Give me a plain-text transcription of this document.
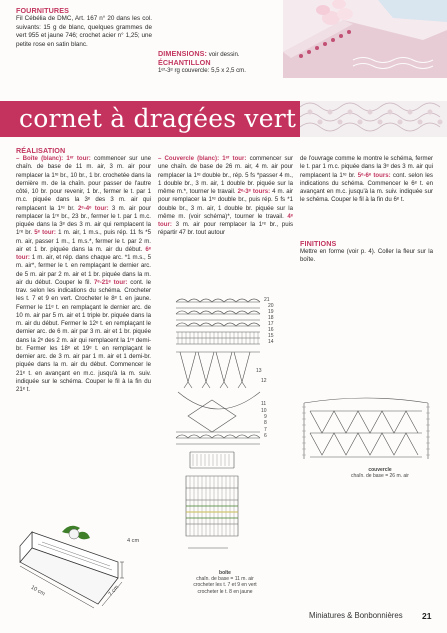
FOURNITURES
Fil Cébélia de DMC, Art. 167 n° 20 dans les col. suivants: 15 g de blanc, quelques grammes de vert 955 et jaune 746; crochet acier n° 1,25; une petite rose en satin blanc.
DIMENSIONS: voir dessin.
ÉCHANTILLON
1ᵉʳ-3ᵉ rg couvercle: 5,5 x 2,5 cm.
cornet à dragées vert
RÉALISATION
– Boîte (blanc): 1ᵉʳ tour: commencer sur une chaîn. de base de 11 m. air, 3 m. air pour remplacer la 1ʳᵉ br., 10 br., 1 br. crochetée dans la dernière m. de la chaîn. pour passer de l'autre côté, 10 br. pour revenir, 1 br., fermer le t. par 1 m.c. piquée dans la 3ᵉ des 3 m. air qui remplacent la 1ʳᵉ br. 2ᵉ-4ᵉ tour: 3 m. air pour remplacer la 1ʳᵉ br., 23 br., fermer le t. par 1 m.c. piquée dans la 3ᵉ des 3 m. air qui remplacent la 1ʳᵉ br. 5ᵉ tour: 1 m. air, 1 m.s., puis rép. 11 fs *5 m. air, passer 1 m., 1 m.s.*, fermer le t. par 2 m. air et 1 br. piquée dans la m. air du début. 6ᵉ tour: 1 m. air, et rép. dans chaque arc. *1 m.s., 5 m. air*, fermer le t. en remplaçant le dernier arc. de 5 m. air par 2 m. air et 1 br. piquée dans la m. air du début. Couper le fil. 7ᵉ-21ᵉ tour: cont. le trav. selon les indications du schéma. Crocheter les t. 7 et 9 en vert. Crocheter le 8ᵉ t. en jaune. Fermer le 11ᵉ t. en remplaçant le dernier arc. de 10 m. air par 5 m. air et 1 triple br. piquée dans la m. air du début. Fermer le 12ᵉ t. en remplaçant le dernier arc. de 6 m. air par 3 m. air et 1 br. piquée dans la 2ᵉ des 2 m. air qui remplacent la 1ʳᵉ demi-br. Fermer les 18ᵉ et 19ᵉ t. en remplaçant le dernier arc. de 3 m. air par 1 m. air et 1 demi-br. piquée dans la m. air du début. Commencer le 21ᵉ t. en avançant en m.c. jusqu'à la m. suiv. indiquée sur le schéma. Couper le fil à la fin du 21ᵉ t.
– Couvercle (blanc): 1ᵉʳ tour: commencer sur une chaîn. de base de 26 m. air, 4 m. air pour remplacer la 1ʳᵉ double br., rép. 5 fs *passer 4 m., 1 double br., 3 m. air, 1 double br. piquée sur la même m.*, tourner le travail. 2ᵉ-3ᵉ tours: 4 m. air pour remplacer la 1ʳᵉ double br., puis rép. 5 fs *1 double br., 3 m. air, 1 double br. piquée sur la même m. (voir schéma)*, tourner le travail. 4ᵉ tour: 3 m. air pour remplacer la 1ʳᵉ br., puis répartir 47 br. tout autour
de l'ouvrage comme le montre le schéma, fermer le t. par 1 m.c. piquée dans la 3ᵉ des 3 m. air qui remplacent la 1ʳᵉ br. 5ᵉ-6ᵉ tours: cont. selon les indications du schéma. Commencer le 6ᵉ t. en avançant en m.c. jusqu'à la m. suiv. indiquée sur le schéma. Couper le fil à la fin du 6ᵉ t.
FINITIONS
Mettre en forme (voir p. 4). Coller la fleur sur la boîte.
21
20
19
18
17
16
15
14
13
12
11
10
9
8
7
6
boîte
chaîn. de base = 11 m. air
crocheter les t. 7 et 9 en vert
crocheter le t. 8 en jaune
couvercle
chaîn. de base = 26 m. air
4 cm
10 cm	7 cm
Miniatures & Bonbonnières 21
